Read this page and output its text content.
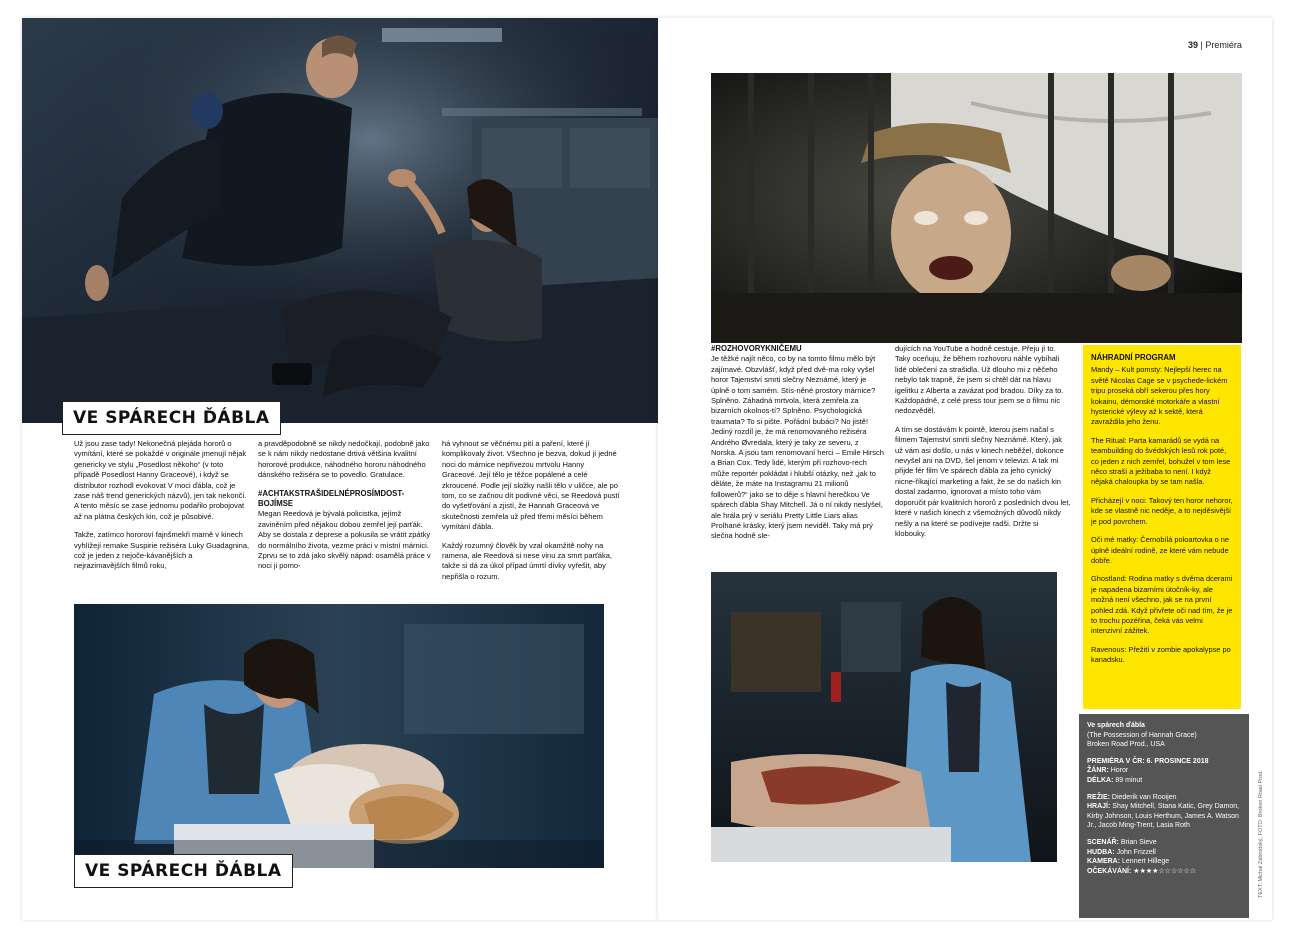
VE SPÁRECH ĎÁBLA

Už jsou zase tady! Nekonečná plejáda hororů o vymítání, které se pokaždé v originále jmenují nějak genericky ve stylu „Posedlost někoho“ (v toto případě Posedlost Hanny Graceové), i když se distributor rozhodl evokovat V moci ďábla, což je zase náš trend generických názvů), jen tak nekončí. A tento měsíc se zase jednomu podařilo probojovat až na plátna českých kin, což je působivé.

Takže, zatímco hororoví fajnšmekři marně v kinech vyhlížejí remake Suspirie režiséra Luky Guadagnina, což je jeden z nejoče-kávanějších a nejrazimavějších filmů roku,

a pravděpodobně se nikdy nedočkají, podobně jako se k nám nikdy nedostane drtivá většina kvalitní hororové produkce, náhodného hororu náhodného dánského režiséra se to povedlo. Gratulace.

#ACHTAKSTRAŠIDELNÉPROSÍMDOST-BOJÍMSE

Megan Reedová je bývalá policistka, jejímž zaviněním před nějakou dobou zemřel její parťák. Aby se dostala z deprese a pokusila se vrátit zpátky do normálního života, vezme práci v místní márnici. Zprvu se to zdá jako skvělý nápad: osamělá práce v noci ji pomo-

há vyhnout se věčnému pití a paření, které jí komplikovaly život. Všechno je bezva, dokud jí jedné noci do márnice nepřivezou mrtvolu Hanny Graceové. Její tělo je těžce popálené a celé zkroucené. Podle její složky našli tělo v uličce, ale po tom, co se začnou dít podivné věci, se Reedová pustí do vyšetřování a zjistí, že Hannah Graceová ve skutečnosti zemřela už před třemi měsíci během vymítání ďábla.

Každý rozumný člověk by vzal okamžitě nohy na ramena, ale Reedová si nese vinu za smrt parťáka, takže si dá za úkol případ úmrtí dívky vyřešit, aby nepřišla o rozum.

VE SPÁRECH ĎÁBLA
39 | Premiéra
#ROZHOVORYKNIČEMU

Je těžké najít něco, co by na tomto filmu mělo být zajímavé. Obzvlášť, když před dvě-ma roky vyšel horor Tajemství smrti slečny Neznámé, který je úplně o tom samém. Stís-něné prostory márnice? Splněno. Záhadná mrtvola, která zemřela za bizarních okolnos-tí? Splněno. Psychologická traumata? To si pište. Pořádní bubáci? No jistě! Jediný rozdíl je, že má renomovaného režiséra Andrého Øvredala, který je taky ze severu, z Norska. A jsou tam renomovaní herci – Emile Hirsch a Brian Cox. Tedy lidé, kterým při rozhovo-rech může reportér pokládat i hlubší otázky, než „jak to děláte, že máte na Instagramu 21 milionů followerů?“ jako se to děje s hlavní herečkou Ve spárech ďábla Shay Mitchell. Já o ní nikdy neslyšel, ale hrála prý v seriálu Pretty Little Liars alias Prolhané krásky, který jsem neviděl. Taky má prý slečna hodně sle-

dujících na YouTube a hodně cestuje. Přeju jí to. Taky oceňuju, že během rozhovoru náhle vybíhali lidé oblečení za strašidla. Už dlouho mi z něčeho nebylo tak trapně, že jsem si chtěl dát na hlavu igelitku z Alberta a zavázat pod bradou. Díky za to. Každopádně, z celé press tour jsem se o filmu nic nedozvěděl.

A tím se dostávám k pointě, kterou jsem načal s filmem Tajemství smrti slečny Neznámé. Který, jak už vám asi došlo, u nás v kinech neběžel, dokonce nevyšel ani na DVD, šel jenom v televizi. A tak mi přijde fér film Ve spárech ďábla za jeho cynický nicne-říkající marketing a fakt, že se do našich kin dostal zadarmo, ignorovat a místo toho vám doporučit pár kvalitních hororů z posledních dvou let, které v našich kinech z všemožných důvodů nikdy nešly a na které se podívejte radši. Držte si klobouky.

NÁHRADNÍ PROGRAM

Mandy – Kult pomsty: Nejlepší herec na světě Nicolas Cage se v psychede-lickém tripu proseká obří sekerou přes hory kokainu, démonské motorkáře a vlastní hysterické výlevy až k sektě, která zavraždila jeho ženu.

The Ritual: Parta kamarádů se vydá na teambuilding do švédských lesů rok poté, co jeden z nich zemřel, bohužel v tom lese něco straší a ježibaba to není. I když nějaká chaloupka by se tam našla.

Přicházejí v noci: Takový ten horor nehoror, kde se vlastně nic neděje, a to nejděsivější je pod povrchem.

Oči mé matky: Černobílá poloartovka o ne úplně ideální rodině, ze které vám nebude dobře.

Ghostland: Rodina matky s dvěma dcerami je napadena bizarními útočník-ky, ale možná není všechno, jak se na první pohled zdá. Když přivřete oči nad tím, že je to trochu pozéřina, čeká vás velmi intenzivní zážitek.

Ravenous: Přežití v zombie apokalypse po kanadsku.

Ve spárech ďábla
(The Possession of Hannah Grace)
Broken Road Prod., USA

PREMIÉRA V ČR: 6. PROSINCE 2018
ŽÁNR: Horor
DÉLKA: 89 minut

REŽIE: Diederik van Rooijen
HRAJÍ: Shay Mitchell, Stana Katic, Grey Damon, Kirby Johnson, Louis Herthum, James A. Watson Jr., Jacob Ming-Trent, Lasia Roth

SCENÁŘ: Brian Sieve
HUDBA: John Frizzell
KAMERA: Lennert Hillege
OČEKÁVÁNÍ: ★★★★☆☆☆☆☆☆	TEXT: Michal Zábrodský, FOTO: Broken Road Prod.
